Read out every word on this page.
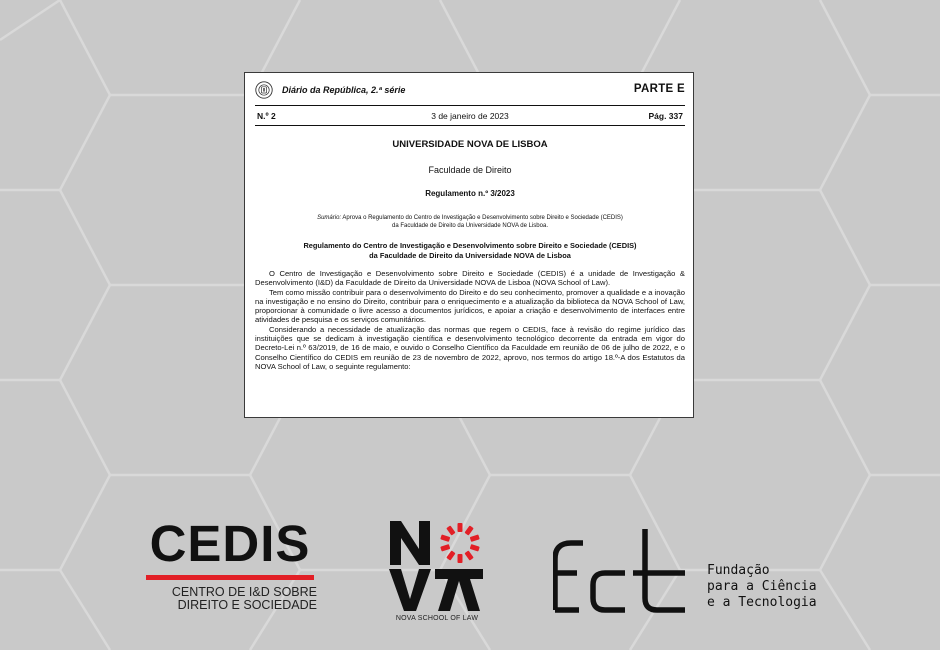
Diário da República, 2.ª série	PARTE E
3 de janeiro de 2023
N.º 2	Pág. 337
UNIVERSIDADE NOVA DE LISBOA
Faculdade de Direito
Regulamento n.º 3/2023
Sumário: Aprova o Regulamento do Centro de Investigação e Desenvolvimento sobre Direito e Sociedade (CEDIS) da Faculdade de Direito da Universidade NOVA de Lisboa.
Regulamento do Centro de Investigação e Desenvolvimento sobre Direito e Sociedade (CEDIS)
da Faculdade de Direito da Universidade NOVA de Lisboa

O Centro de Investigação e Desenvolvimento sobre Direito e Sociedade (CEDIS) é a unidade de Investigação & Desenvolvimento (I&D) da Faculdade de Direito da Universidade NOVA de Lisboa (NOVA School of Law).

Tem como missão contribuir para o desenvolvimento do Direito e do seu conhecimento, promover a qualidade e a inovação na investigação e no ensino do Direito, contribuir para o enriquecimento e a atualização da biblioteca da NOVA School of Law, proporcionar à comunidade o livre acesso a documentos jurídicos, e apoiar a criação e desenvolvimento de interfaces entre atividades de pesquisa e os serviços comunitários.

Considerando a necessidade de atualização das normas que regem o CEDIS, face à revisão do regime jurídico das instituições que se dedicam à investigação científica e desenvolvimento tecnológico decorrente da entrada em vigor do Decreto-Lei n.º 63/2019, de 16 de maio, e ouvido o Conselho Científico da Faculdade em reunião de 06 de julho de 2022, e o Conselho Científico do CEDIS em reunião de 23 de novembro de 2022, aprovo, nos termos do artigo 18.º-A dos Estatutos da NOVA School of Law, o seguinte regulamento:

CEDIS
CENTRO DE I&D SOBRE
DIREITO E SOCIEDADE
NOVA SCHOOL OF LAW
Fundação
para a Ciência
e a Tecnologia
